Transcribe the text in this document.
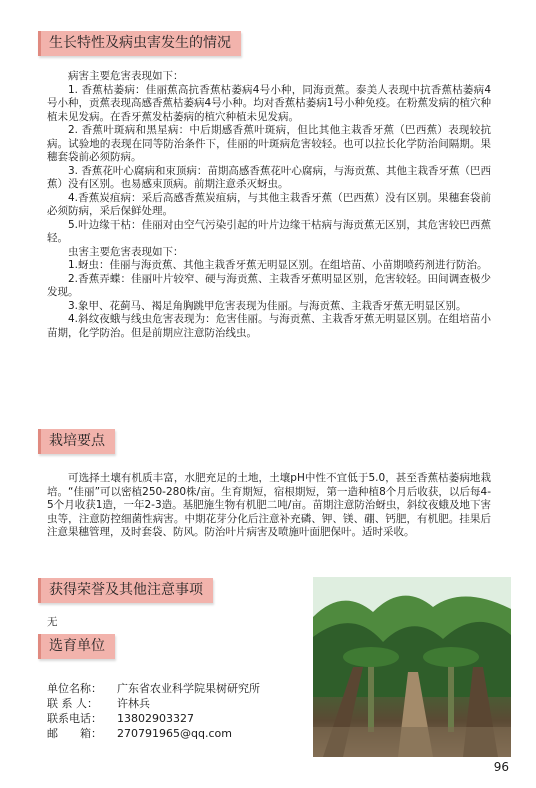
生长特性及病虫害发生的情况

病害主要危害表现如下：

1. 香蕉枯萎病：佳丽蕉高抗香蕉枯萎病4号小种，同海贡蕉。泰美人表现中抗香蕉枯萎病4号小种，贡蕉表现高感香蕉枯萎病4号小种。均对香蕉枯萎病1号小种免疫。在粉蕉发病的植穴种植未见发病。在香牙蕉发枯萎病的植穴种植未见发病。

2. 香蕉叶斑病和黑星病：中后期感香蕉叶斑病，但比其他主栽香牙蕉（巴西蕉）表现较抗病。试验地的表现在同等防治条件下，佳丽的叶斑病危害较轻。也可以拉长化学防治间隔期。果穗套袋前必须防病。

3. 香蕉花叶心腐病和束顶病：苗期高感香蕉花叶心腐病，与海贡蕉、其他主栽香牙蕉（巴西蕉）没有区别。也易感束顶病。前期注意杀灭蚜虫。

4.香蕉炭疽病：采后高感香蕉炭疽病，与其他主栽香牙蕉（巴西蕉）没有区别。果穗套袋前必须防病，采后保鲜处理。

5.叶边缘干枯：佳丽对由空气污染引起的叶片边缘干枯病与海贡蕉无区别，其危害较巴西蕉轻。

虫害主要危害表现如下：

1.蚜虫：佳丽与海贡蕉、其他主栽香牙蕉无明显区别。在组培苗、小苗期喷药剂进行防治。

2.香蕉弄蝶：佳丽叶片较窄、硬与海贡蕉、主栽香牙蕉明显区别，危害较轻。田间调查极少发现。

3.象甲、花蓟马、褐足角胸跳甲危害表现为佳丽。与海贡蕉、主栽香牙蕉无明显区别。

4.斜纹夜蛾与线虫危害表现为：危害佳丽。与海贡蕉、主栽香牙蕉无明显区别。在组培苗小苗期，化学防治。但是前期应注意防治线虫。

栽培要点

可选择土壤有机质丰富，水肥充足的土地，土壤pH中性不宜低于5.0，甚至香蕉枯萎病地栽培。“佳丽”可以密植250-280株/亩。生育期短，宿根期短，第一造种植8个月后收获，以后每4-5个月收获1造，一年2-3造。基肥施生物有机肥二吨/亩。苗期注意防治蚜虫，斜纹夜蛾及地下害虫等，注意防控细菌性病害。中期花芽分化后注意补充磷、钾、镁、硼、钙肥，有机肥。挂果后注意果穗管理，及时套袋、防风。防治叶片病害及喷施叶面肥保叶。适时采收。

获得荣誉及其他注意事项
无
选育单位
单位名称：	广东省农业科学院果树研究所
联 系 人：	许林兵
联系电话：	13802903327
邮　　箱：	270791965@qq.com
96
